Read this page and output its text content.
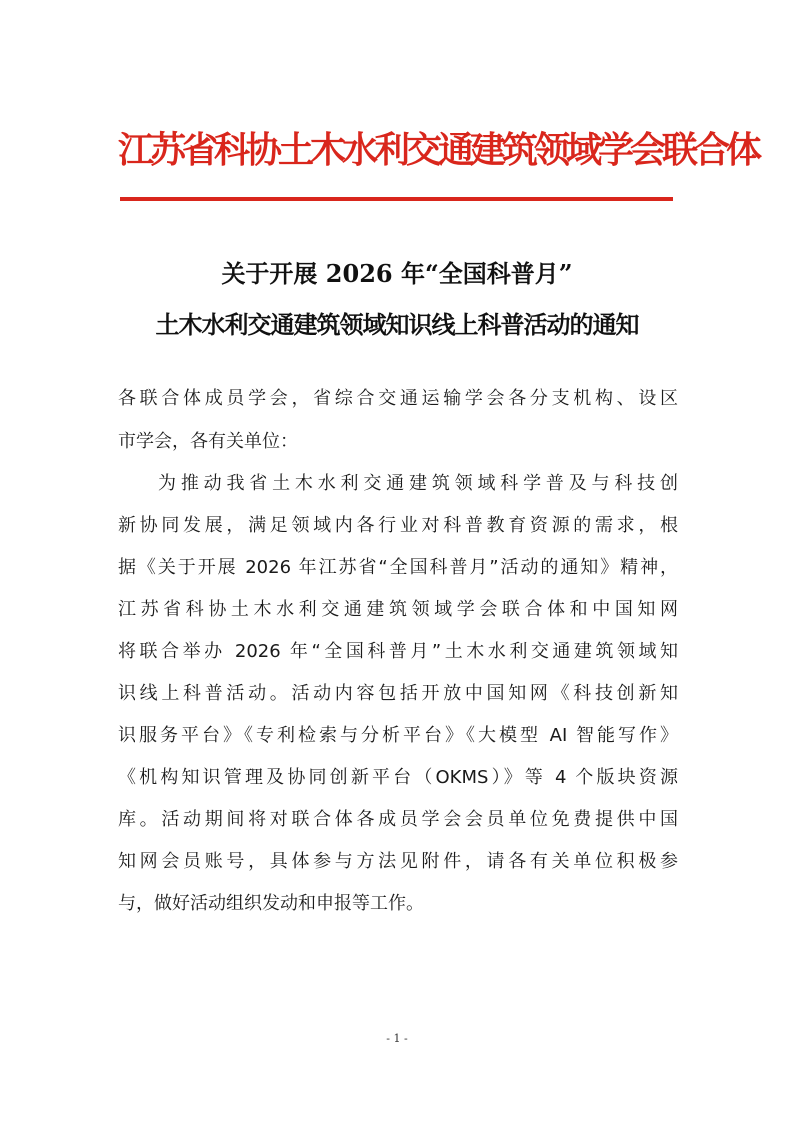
江苏省科协土木水利交通建筑领域学会联合体
关于开展 2026 年“全国科普月”
土木水利交通建筑领域知识线上科普活动的通知

各联合体成员学会，省综合交通运输学会各分支机构、设区

市学会，各有关单位：

为推动我省土木水利交通建筑领域科学普及与科技创

新协同发展，满足领域内各行业对科普教育资源的需求，根

据《关于开展 2026 年江苏省“全国科普月”活动的通知》精神，

江苏省科协土木水利交通建筑领域学会联合体和中国知网

将联合举办 2026 年“全国科普月”土木水利交通建筑领域知

识线上科普活动。活动内容包括开放中国知网《科技创新知

识服务平台》《专利检索与分析平台》《大模型 AI 智能写作》

《机构知识管理及协同创新平台（OKMS）》等 4 个版块资源

库。活动期间将对联合体各成员学会会员单位免费提供中国

知网会员账号，具体参与方法见附件，请各有关单位积极参

与，做好活动组织发动和申报等工作。

- 1 -
